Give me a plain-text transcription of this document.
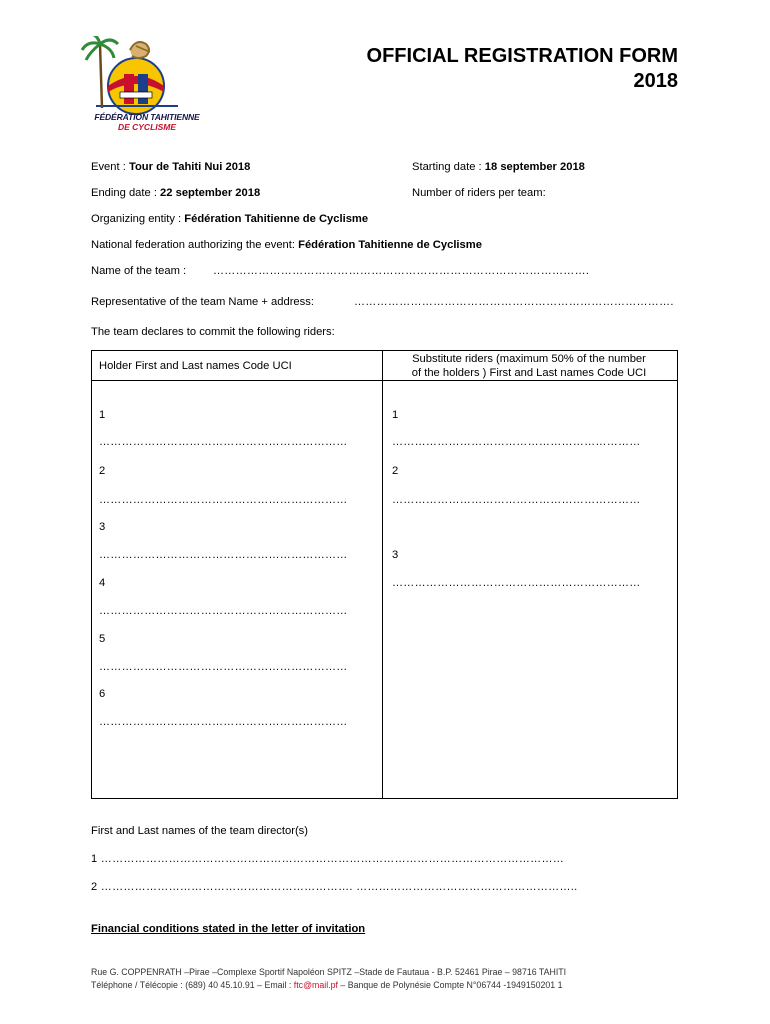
FÉDÉRATION TAHITIENNE
DE CYCLISME
OFFICIAL REGISTRATION FORM
2018
Event : Tour de Tahiti Nui 2018	Starting date : 18 september 2018
Ending date : 22 september 2018	Number of riders per team:
Organizing entity : Fédération Tahitienne de Cyclisme
National federation authorizing the event: Fédération Tahitienne de Cyclisme
Name of the team : ……………………………………………………………………………………….
Representative of the team Name + address:	………………………………………………………………………….
The team declares to commit the following riders:
Holder First and Last names Code UCI
Substitute riders (maximum 50% of the number
of the holders ) First and Last names Code UCI
1
…………………………………………………………
2
…………………………………………………………
3
…………………………………………………………
4
…………………………………………………………
5
…………………………………………………………
6
…………………………………………………………
1
…………………………………………………………
2
…………………………………………………………
3
…………………………………………………………
First and Last names of the team director(s)
1 ……………………………………………………………………………………………………………
2 …………………………………………………………. …………………………………………………..
Financial conditions stated in the letter of invitation
Rue G. COPPENRATH –Pirae –Complexe Sportif Napoléon SPITZ –Stade de Fautaua - B.P. 52461 Pirae – 98716 TAHITI
Téléphone / Télécopie : (689) 40 45.10.91 – Email : ftc@mail.pf – Banque de Polynésie Compte N°06744 -1949150201 1
